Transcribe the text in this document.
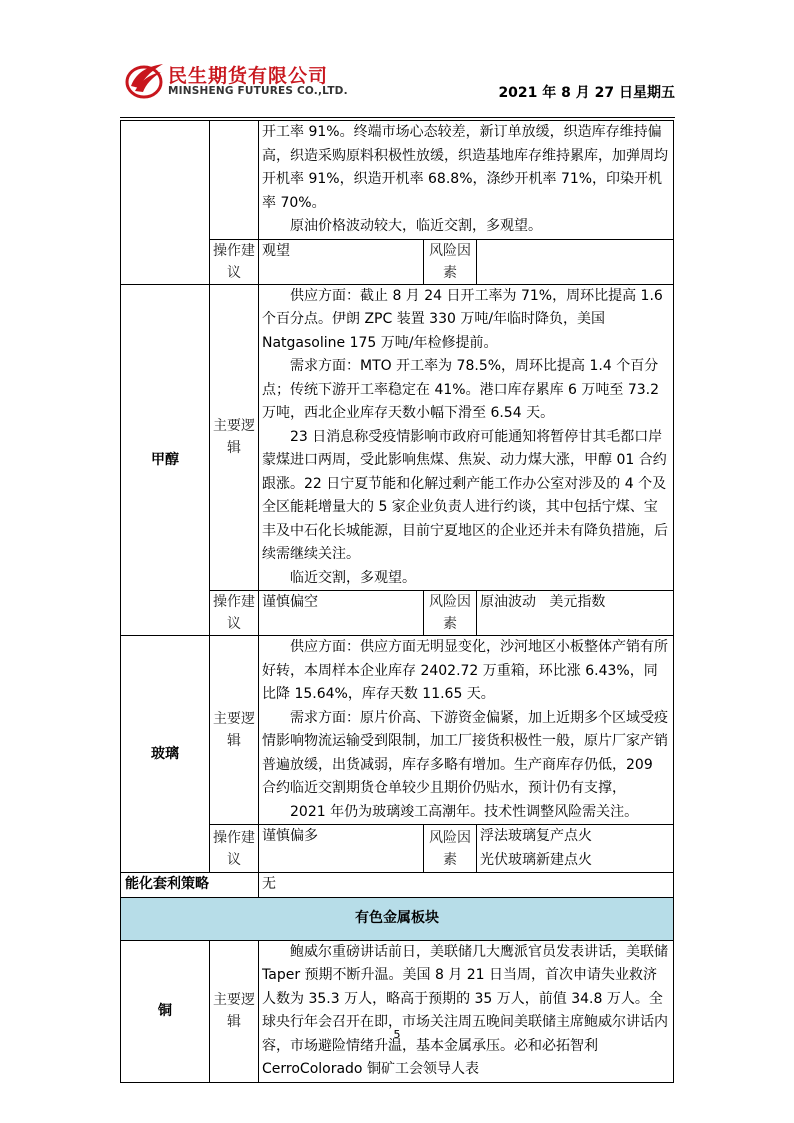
民生期货有限公司
MINSHENG FUTURES CO.,LTD.	2021 年 8 月 27 日星期五

		开工率 91%。终端市场心态较差，新订单放缓，织造库存维持偏高，织造采购原料积极性放缓，织造基地库存维持累库，加弹周均开机率 91%，织造开机率 68.8%，涤纱开机率 71%，印染开机率 70%。

原油价格波动较大，临近交割，多观望。		

	操作建议	观望	风险因素	
甲醇	主要逻辑	供应方面：截止 8 月 24 日开工率为 71%，周环比提高 1.6 个百分点。伊朗 ZPC 装置 330 万吨/年临时降负，美国 Natgasoline 175 万吨/年检修提前。

需求方面：MTO 开工率为 78.5%，周环比提高 1.4 个百分点；传统下游开工率稳定在 41%。港口库存累库 6 万吨至 73.2 万吨，西北企业库存天数小幅下滑至 6.54 天。

23 日消息称受疫情影响市政府可能通知将暂停甘其毛都口岸蒙煤进口两周，受此影响焦煤、焦炭、动力煤大涨，甲醇 01 合约跟涨。22 日宁夏节能和化解过剩产能工作办公室对涉及的 4 个及全区能耗增量大的 5 家企业负责人进行约谈，其中包括宁煤、宝丰及中石化长城能源，目前宁夏地区的企业还并未有降负措施，后续需继续关注。

临近交割，多观望。		

	操作建议	谨慎偏空	风险因素	原油波动   美元指数
玻璃	主要逻辑	供应方面：供应方面无明显变化，沙河地区小板整体产销有所好转，本周样本企业库存 2402.72 万重箱，环比涨 6.43%，同比降 15.64%，库存天数 11.65 天。

需求方面：原片价高、下游资金偏紧，加上近期多个区域受疫情影响物流运输受到限制，加工厂接货积极性一般，原片厂家产销普遍放缓，出货减弱，库存多略有增加。生产商库存仍低，209 合约临近交割期货仓单较少且期价仍贴水，预计仍有支撑，

2021 年仍为玻璃竣工高潮年。技术性调整风险需关注。		

	操作建议	谨慎偏多	风险因素	浮法玻璃复产点火
光伏玻璃新建点火

能化套利策略		无		
有色金属板块				
铜	主要逻辑	鲍威尔重磅讲话前日，美联储几大鹰派官员发表讲话，美联储 Taper 预期不断升温。美国 8 月 21 日当周，首次申请失业救济人数为 35.3 万人，略高于预期的 35 万人，前值 34.8 万人。全球央行年会召开在即，市场关注周五晚间美联储主席鲍威尔讲话内容，市场避险情绪升温，基本金属承压。必和必拓智利 CerroColorado 铜矿工会领导人表		

5
